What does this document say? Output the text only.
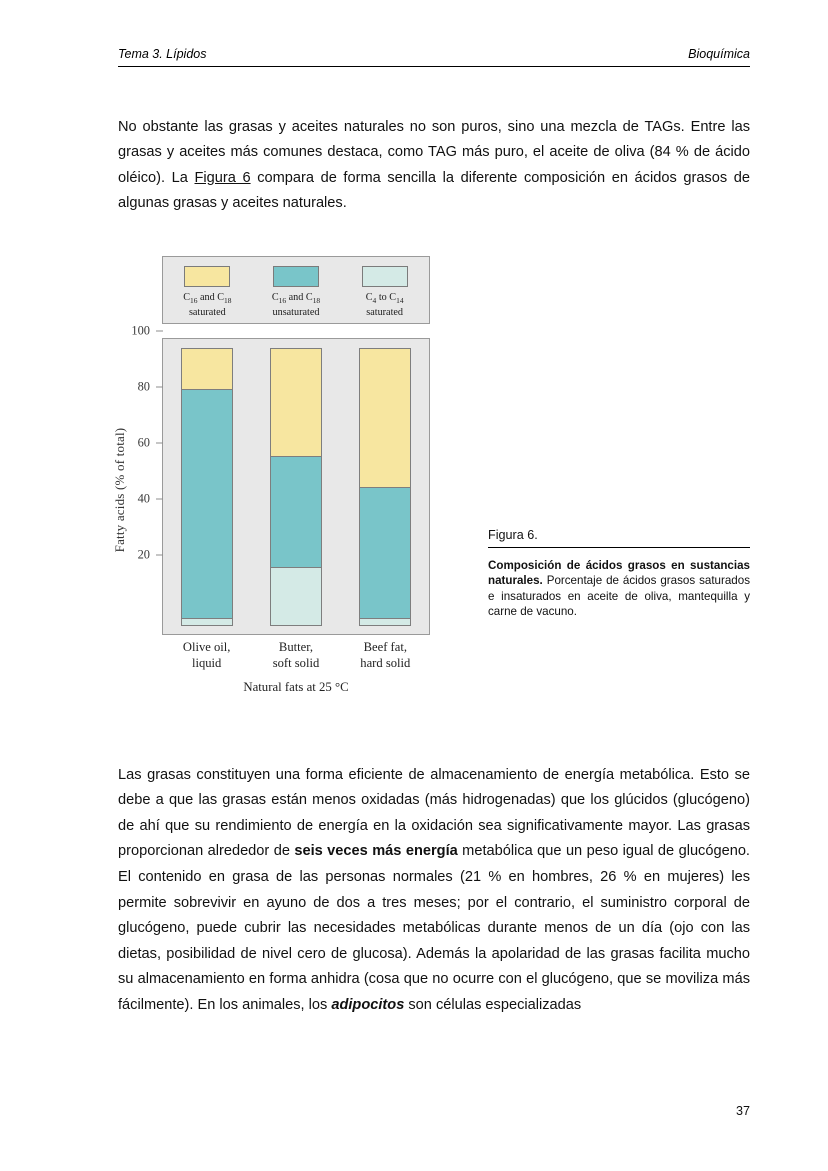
Tema 3. Lípidos	Bioquímica

No obstante las grasas y aceites naturales no son puros, sino una mezcla de TAGs. Entre las grasas y aceites más comunes destaca, como TAG más puro, el aceite de oliva (84 % de ácido oléico). La Figura 6 compara de forma sencilla la diferente composición en ácidos grasos de algunas grasas y aceites naturales.

Fatty acids (% of total)
$C_{16}$ and $C_{18}$
saturated
$C_{16}$ and $C_{18}$
unsaturated
$C_4$ to $C_{14}$
saturated
20
40
60
80
100
Olive oil,
liquid
Butter,
soft solid
Beef fat,
hard solid
Natural fats at 25 °C
Figura 6.
Composición de ácidos grasos en sustancias naturales. Porcentaje de ácidos grasos saturados e insaturados en aceite de oliva, mantequilla y carne de vacuno.

Las grasas constituyen una forma eficiente de almacenamiento de energía metabólica. Esto se debe a que las grasas están menos oxidadas (más hidrogenadas) que los glúcidos (glucógeno) de ahí que su rendimiento de energía en la oxidación sea significativamente mayor. Las grasas proporcionan alrededor de seis veces más energía metabólica que un peso igual de glucógeno. El contenido en grasa de las personas normales (21 % en hombres, 26 % en mujeres) les permite sobrevivir en ayuno de dos a tres meses; por el contrario, el suministro corporal de glucógeno, puede cubrir las necesidades metabólicas durante menos de un día (ojo con las dietas, posibilidad de nivel cero de glucosa). Además la apolaridad de las grasas facilita mucho su almacenamiento en forma anhidra (cosa que no ocurre con el glucógeno, que se moviliza más fácilmente). En los animales, los adipocitos son células especializadas

37
